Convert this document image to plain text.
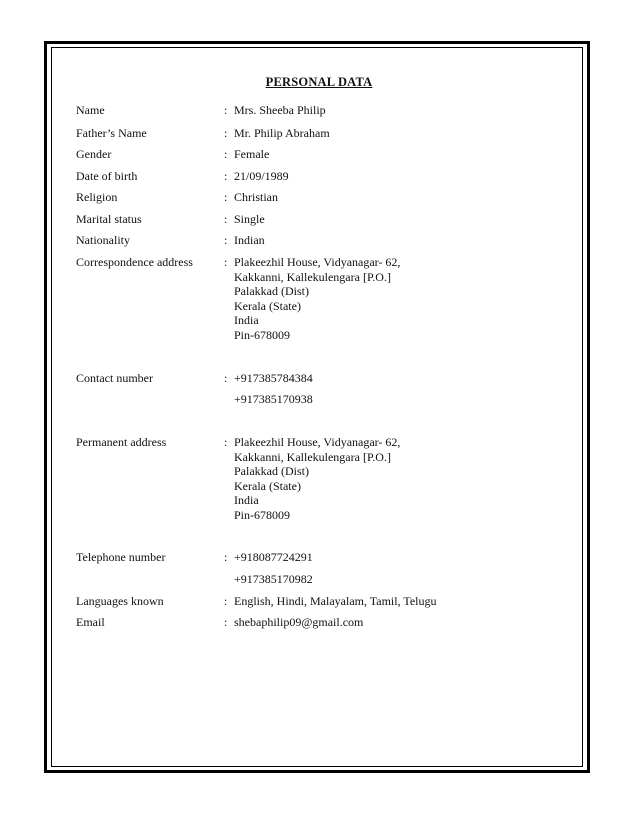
PERSONAL DATA
Name	: Mrs. Sheeba Philip
Father’s Name	: Mr. Philip Abraham
Gender	: Female
Date of birth	: 21/09/1989
Religion	: Christian
Marital status	: Single
Nationality	: Indian
Correspondence address	: Plakeezhil House, Vidyanagar- 62,
Kakkanni, Kallekulengara [P.O.]
Palakkad (Dist)
Kerala (State)
India
Pin-678009
Contact number	: +917385784384
+917385170938
Permanent address	: Plakeezhil House, Vidyanagar- 62,
Kakkanni, Kallekulengara [P.O.]
Palakkad (Dist)
Kerala (State)
India
Pin-678009
Telephone number	: +918087724291
+917385170982
Languages known	: English, Hindi, Malayalam, Tamil, Telugu
Email	: shebaphilip09@gmail.com
